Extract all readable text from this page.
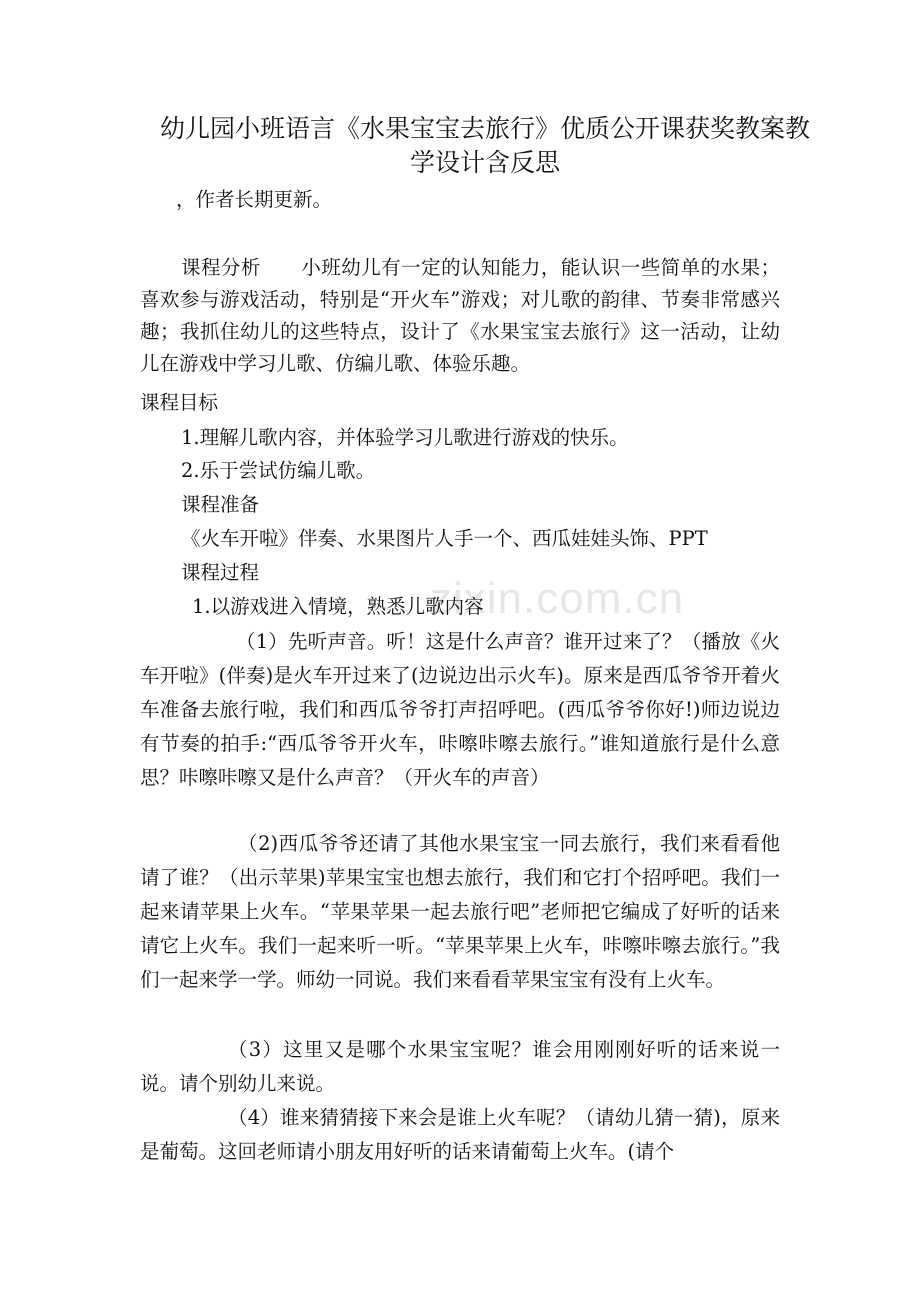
幼儿园小班语言《水果宝宝去旅行》优质公开课获奖教案教学设计含反思

，作者长期更新。

课程分析 小班幼儿有一定的认知能力，能认识一些简单的水果；喜欢参与游戏活动，特别是“开火车”游戏；对儿歌的韵律、节奏非常感兴趣；我抓住幼儿的这些特点，设计了《水果宝宝去旅行》这一活动，让幼儿在游戏中学习儿歌、仿编儿歌、体验乐趣。

课程目标

1.理解儿歌内容，并体验学习儿歌进行游戏的快乐。

2.乐于尝试仿编儿歌。

课程准备

《火车开啦》伴奏、水果图片人手一个、西瓜娃娃头饰、PPT

课程过程

zixin.com.cn

1.以游戏进入情境，熟悉儿歌内容

（1）先听声音。听！这是什么声音？谁开过来了？（播放《火车开啦》(伴奏)是火车开过来了(边说边出示火车)。原来是西瓜爷爷开着火车准备去旅行啦，我们和西瓜爷爷打声招呼吧。(西瓜爷爷你好!)师边说边有节奏的拍手:“西瓜爷爷开火车，咔嚓咔嚓去旅行。”谁知道旅行是什么意思？咔嚓咔嚓又是什么声音？（开火车的声音）

（2)西瓜爷爷还请了其他水果宝宝一同去旅行，我们来看看他请了谁？（出示苹果)苹果宝宝也想去旅行，我们和它打个招呼吧。我们一起来请苹果上火车。“苹果苹果一起去旅行吧”老师把它编成了好听的话来请它上火车。我们一起来听一听。“苹果苹果上火车，咔嚓咔嚓去旅行。”我们一起来学一学。师幼一同说。我们来看看苹果宝宝有没有上火车。

（3）这里又是哪个水果宝宝呢？谁会用刚刚好听的话来说一说。请个别幼儿来说。

（4）谁来猜猜接下来会是谁上火车呢？（请幼儿猜一猜)，原来是葡萄。这回老师请小朋友用好听的话来请葡萄上火车。(请个
